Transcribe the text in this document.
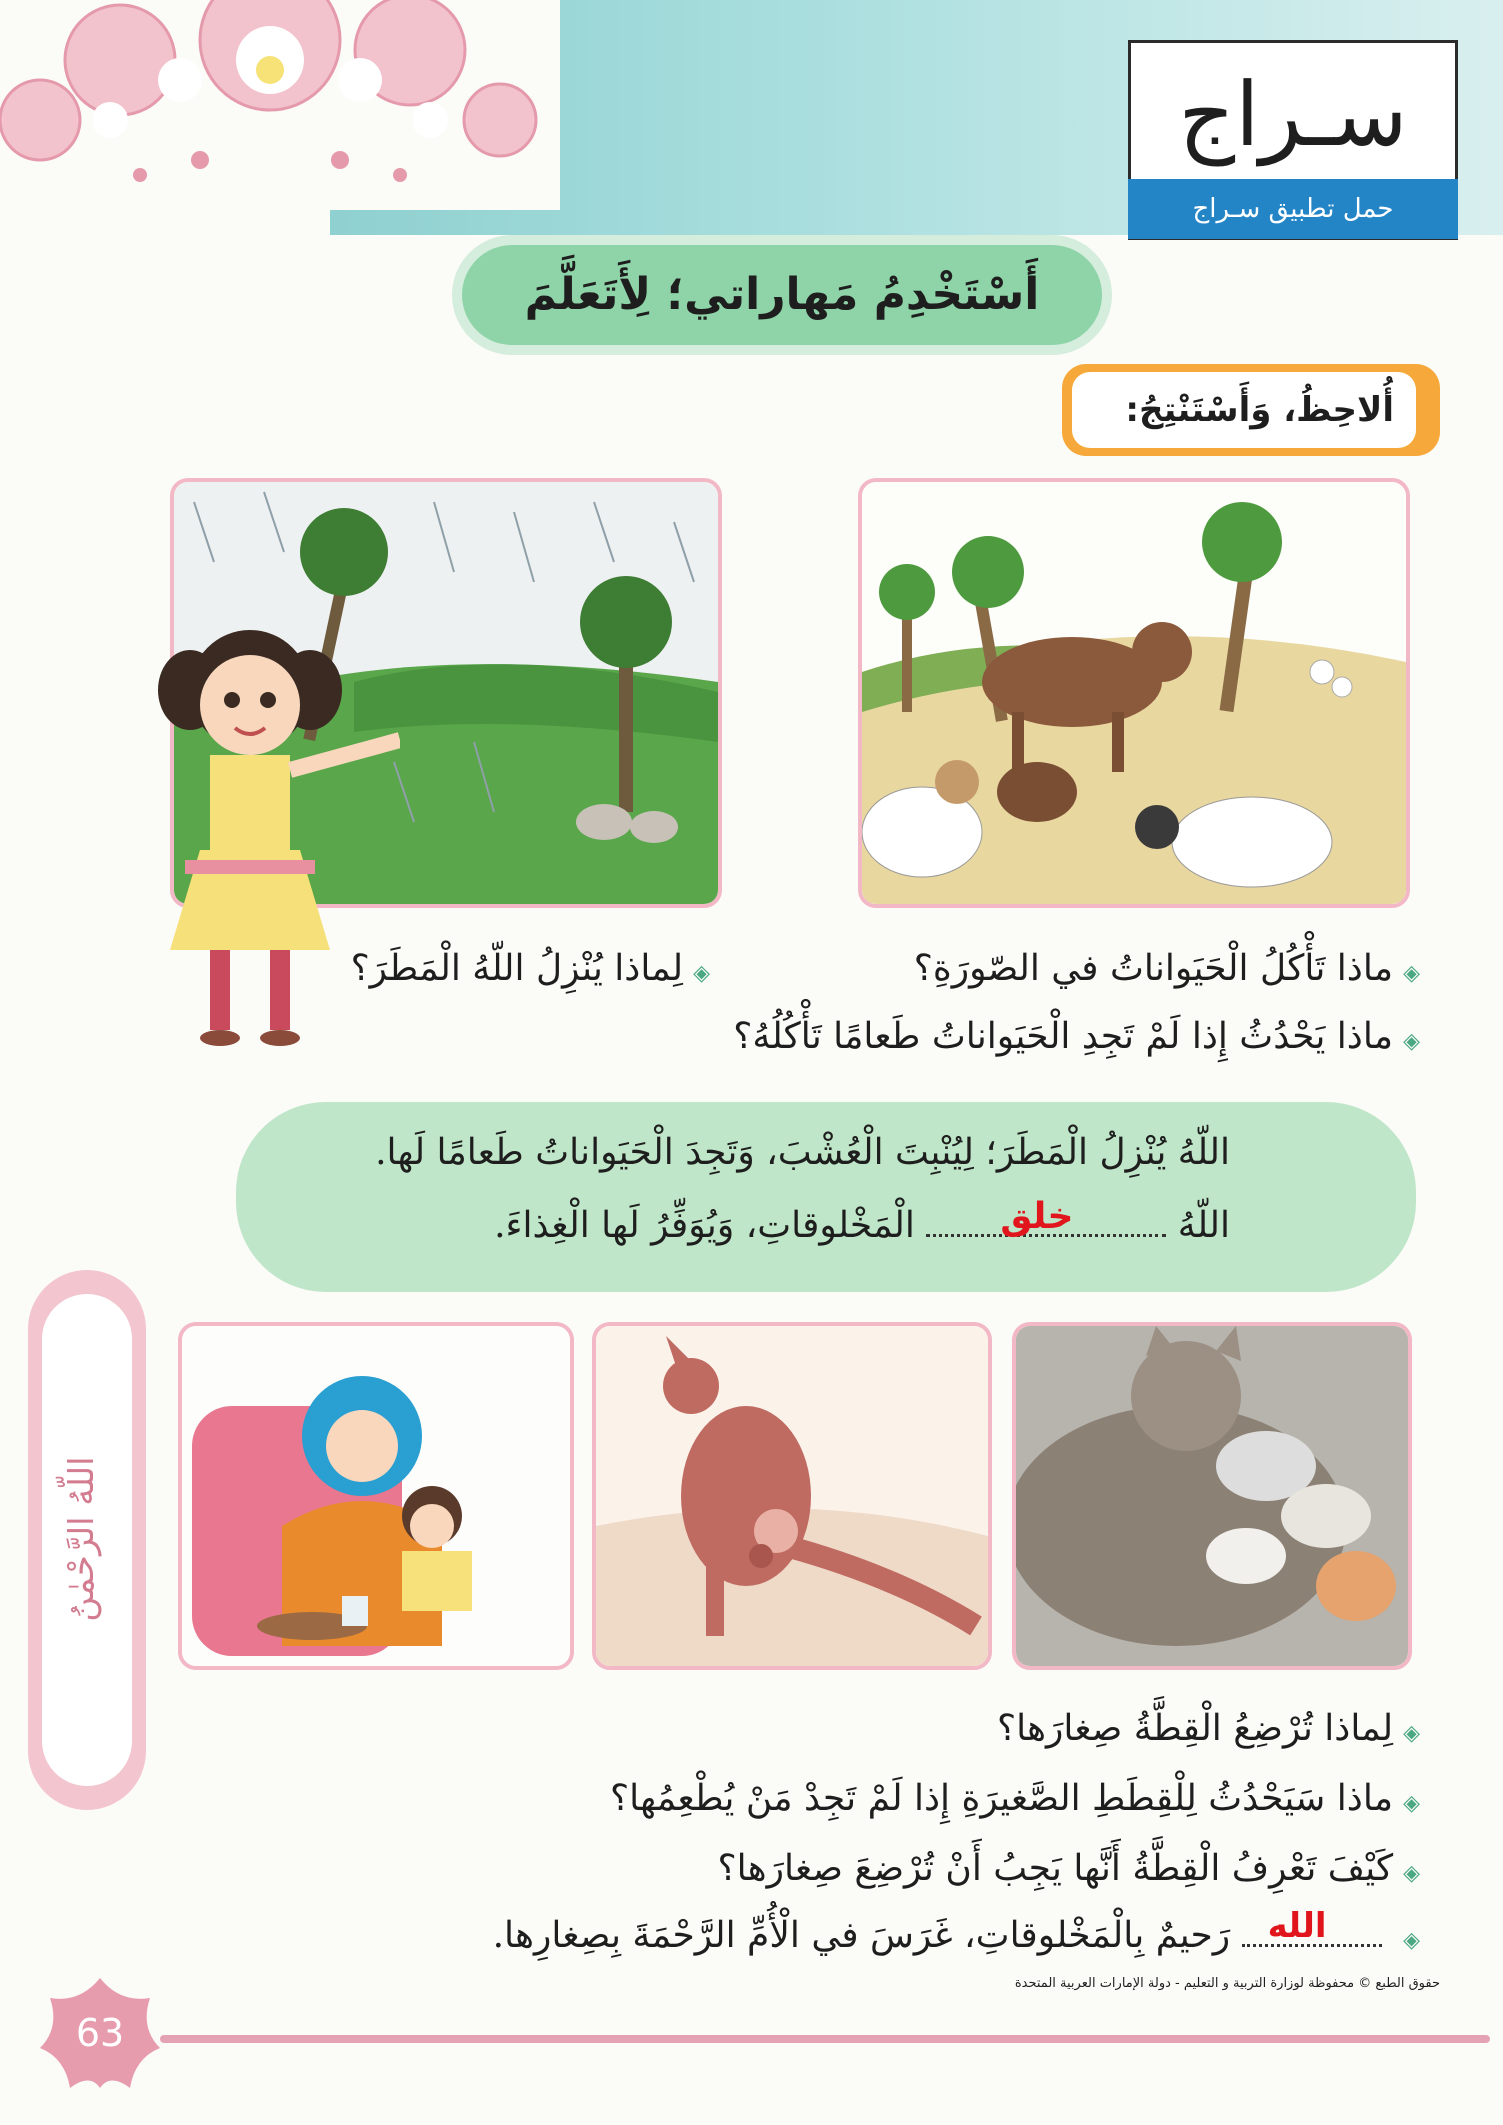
سـراج
حمل تطبيق سـراج
أَسْتَخْدِمُ مَهاراتي؛ لِأَتَعَلَّمَ
أُلاحِظُ، وَأَسْتَنْتِجُ:
◈ماذا تَأْكُلُ الْحَيَواناتُ في الصّورَةِ؟
◈ماذا يَحْدُثُ إِذا لَمْ تَجِدِ الْحَيَواناتُ طَعامًا تَأْكُلُهُ؟
◈لِماذا يُنْزِلُ اللّهُ الْمَطَرَ؟
اللّهُ يُنْزِلُ الْمَطَرَ؛ لِيُنْبِتَ الْعُشْبَ، وَتَجِدَ الْحَيَواناتُ طَعامًا لَها.
اللّهُ
خلق
الْمَخْلوقاتِ، وَيُوَفِّرُ لَها الْغِذاءَ.
◈لِماذا تُرْضِعُ الْقِطَّةُ صِغارَها؟
◈ماذا سَيَحْدُثُ لِلْقِطَطِ الصَّغيرَةِ إِذا لَمْ تَجِدْ مَنْ يُطْعِمُها؟
◈كَيْفَ تَعْرِفُ الْقِطَّةُ أَنَّها يَجِبُ أَنْ تُرْضِعَ صِغارَها؟
◈
الله
رَحيمٌ بِالْمَخْلوقاتِ، غَرَسَ في الْأُمِّ الرَّحْمَةَ بِصِغارِها.
حقوق الطبع © محفوظة لوزارة التربية و التعليم - دولة الإمارات العربية المتحدة
اللّهُ الرَّحْمٰنُ
63
